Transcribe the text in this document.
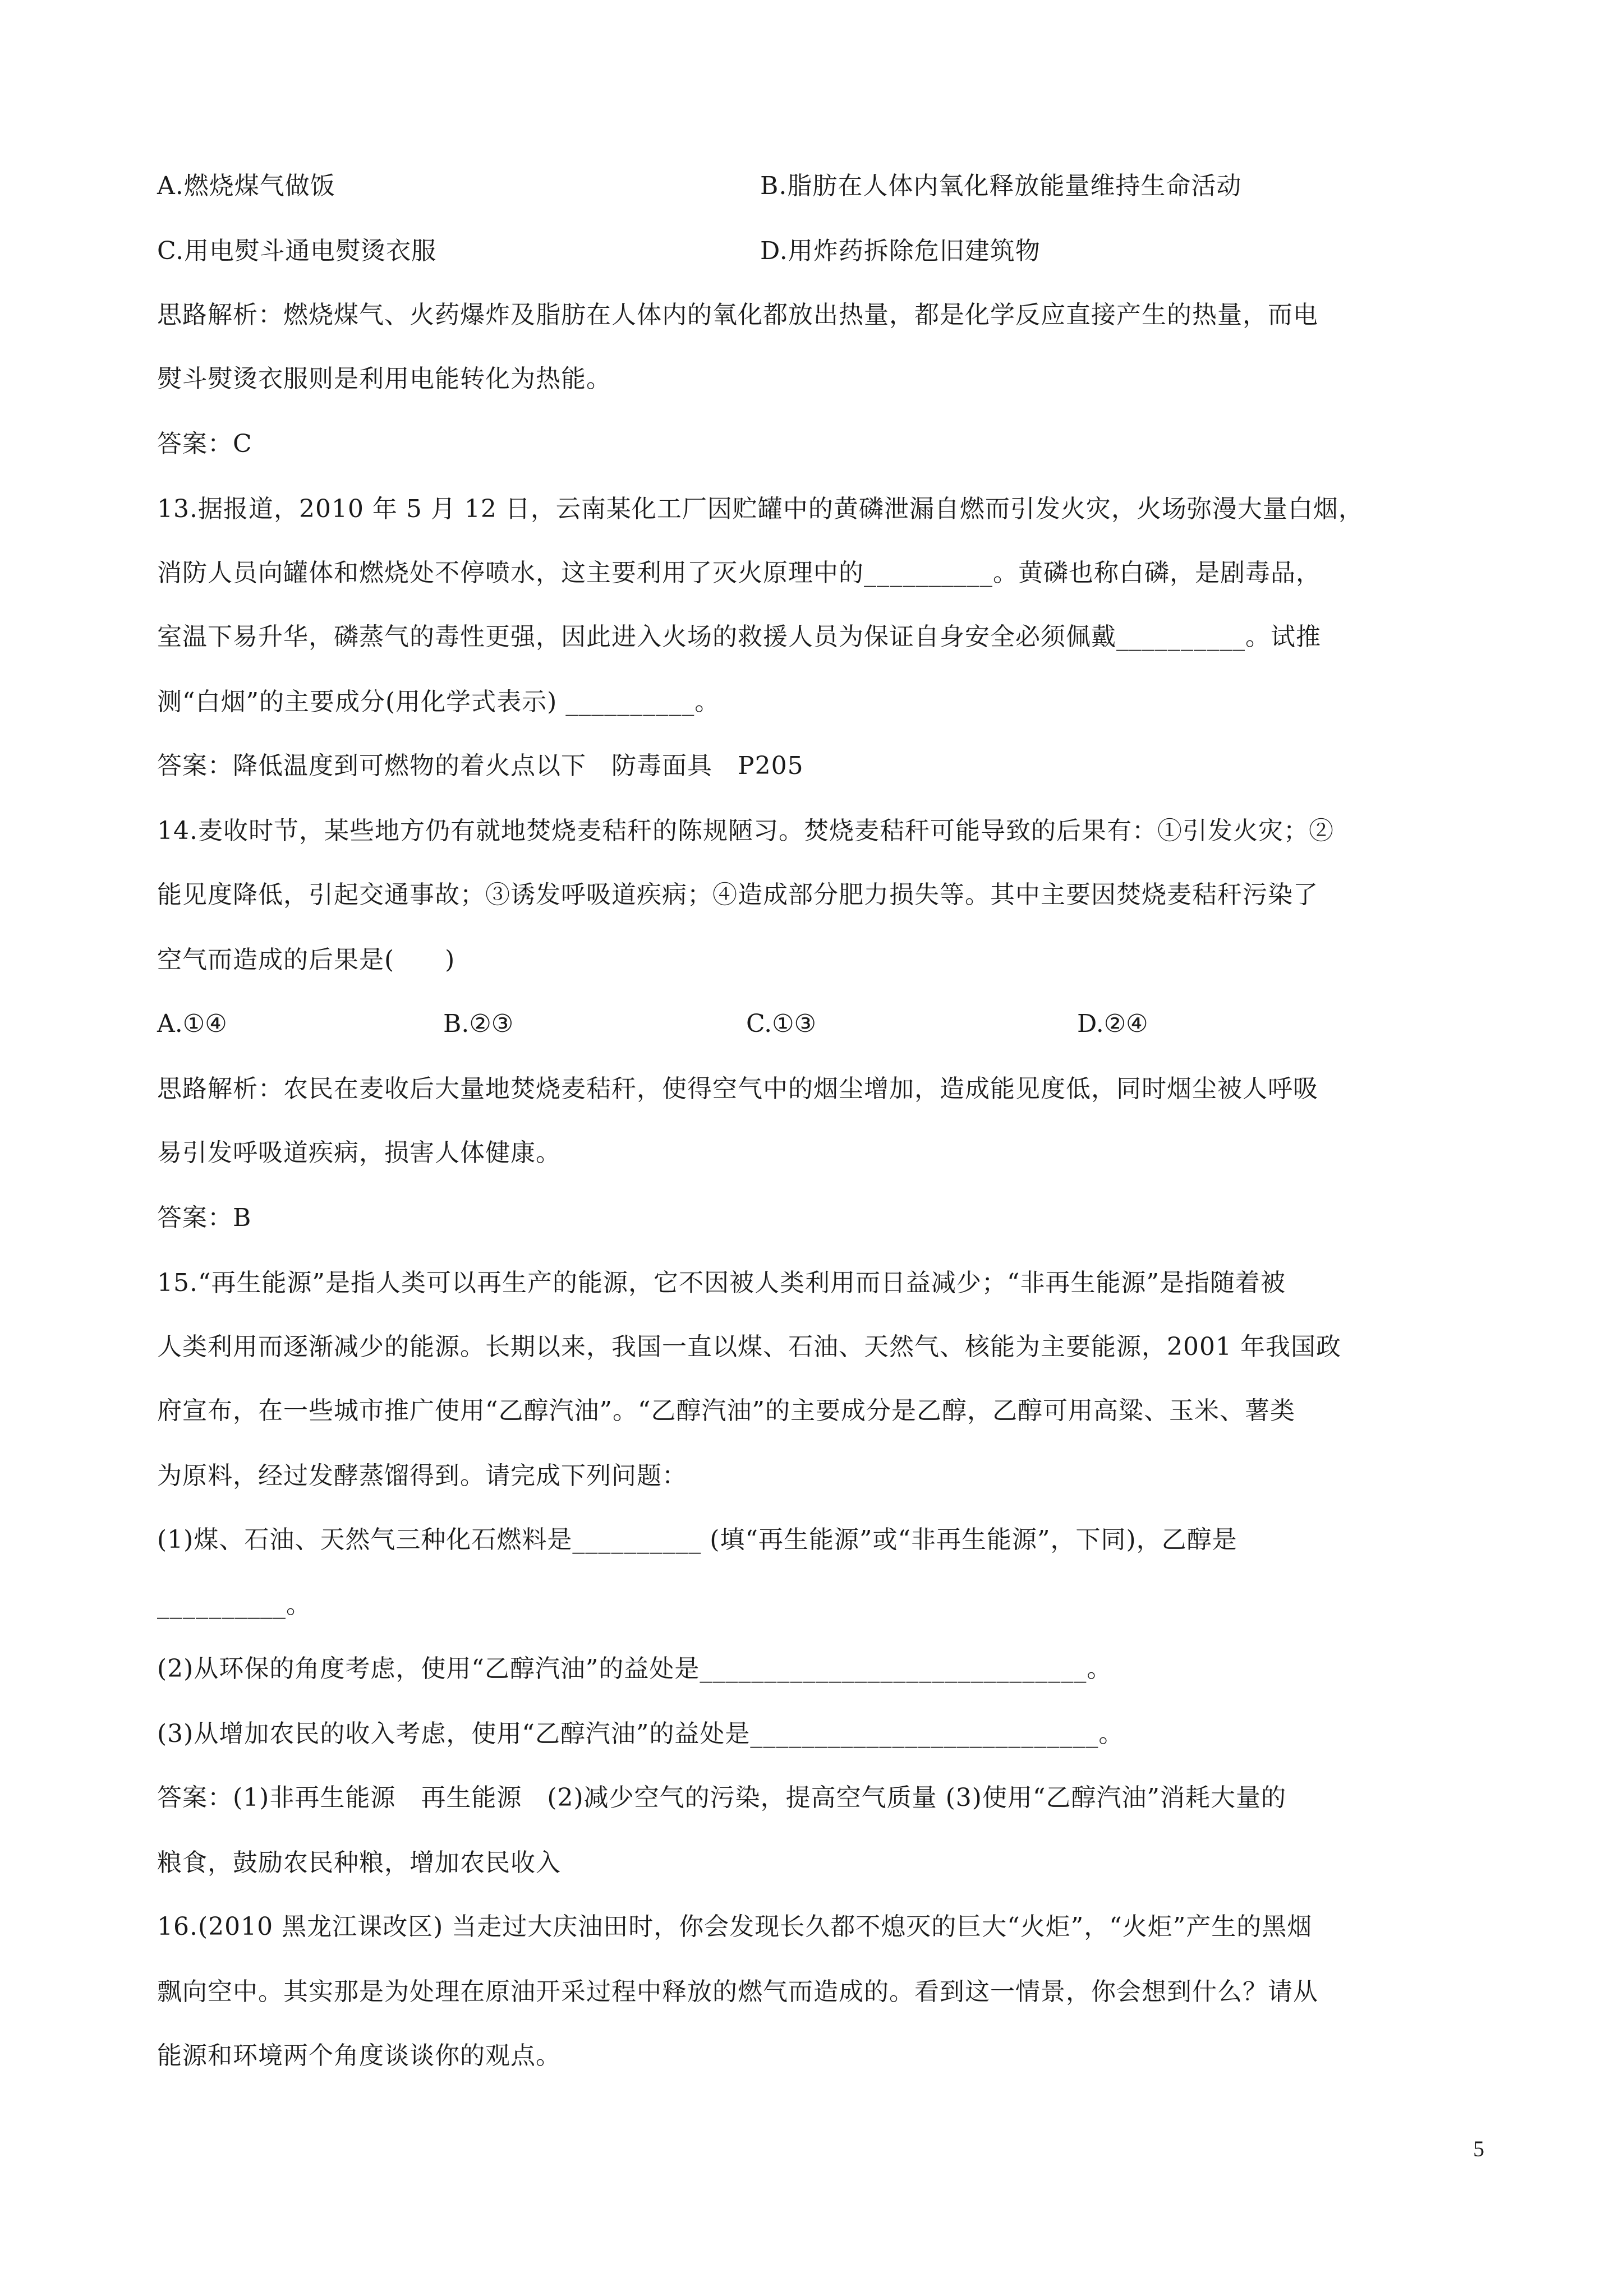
A.燃烧煤气做饭	B.脂肪在人体内氧化释放能量维持生命活动
C.用电熨斗通电熨烫衣服	D.用炸药拆除危旧建筑物
思路解析：燃烧煤气、火药爆炸及脂肪在人体内的氧化都放出热量，都是化学反应直接产生的热量，而电
熨斗熨烫衣服则是利用电能转化为热能。
答案：C
13.据报道，2010 年 5 月 12 日，云南某化工厂因贮罐中的黄磷泄漏自燃而引发火灾，火场弥漫大量白烟，
消防人员向罐体和燃烧处不停喷水，这主要利用了灭火原理中的__________。黄磷也称白磷，是剧毒品，
室温下易升华，磷蒸气的毒性更强，因此进入火场的救援人员为保证自身安全必须佩戴__________。试推
测“白烟”的主要成分(用化学式表示) __________。
答案：降低温度到可燃物的着火点以下　防毒面具　P205
14.麦收时节，某些地方仍有就地焚烧麦秸秆的陈规陋习。焚烧麦秸秆可能导致的后果有：①引发火灾；②
能见度降低，引起交通事故；③诱发呼吸道疾病；④造成部分肥力损失等。其中主要因焚烧麦秸秆污染了
空气而造成的后果是(　　)
A.①④	B.②③	C.①③	D.②④
思路解析：农民在麦收后大量地焚烧麦秸秆，使得空气中的烟尘增加，造成能见度低，同时烟尘被人呼吸
易引发呼吸道疾病，损害人体健康。
答案：B
15.“再生能源”是指人类可以再生产的能源，它不因被人类利用而日益减少；“非再生能源”是指随着被
人类利用而逐渐减少的能源。长期以来，我国一直以煤、石油、天然气、核能为主要能源，2001 年我国政
府宣布，在一些城市推广使用“乙醇汽油”。“乙醇汽油”的主要成分是乙醇，乙醇可用高粱、玉米、薯类
为原料，经过发酵蒸馏得到。请完成下列问题：
(1)煤、石油、天然气三种化石燃料是__________ (填“再生能源”或“非再生能源”，下同)，乙醇是
__________。
(2)从环保的角度考虑，使用“乙醇汽油”的益处是______________________________。
(3)从增加农民的收入考虑，使用“乙醇汽油”的益处是___________________________。
答案：(1)非再生能源　再生能源　(2)减少空气的污染，提高空气质量 (3)使用“乙醇汽油”消耗大量的
粮食，鼓励农民种粮，增加农民收入
16.(2010 黑龙江课改区) 当走过大庆油田时，你会发现长久都不熄灭的巨大“火炬”，“火炬”产生的黑烟
飘向空中。其实那是为处理在原油开采过程中释放的燃气而造成的。看到这一情景，你会想到什么？请从
能源和环境两个角度谈谈你的观点。
5
